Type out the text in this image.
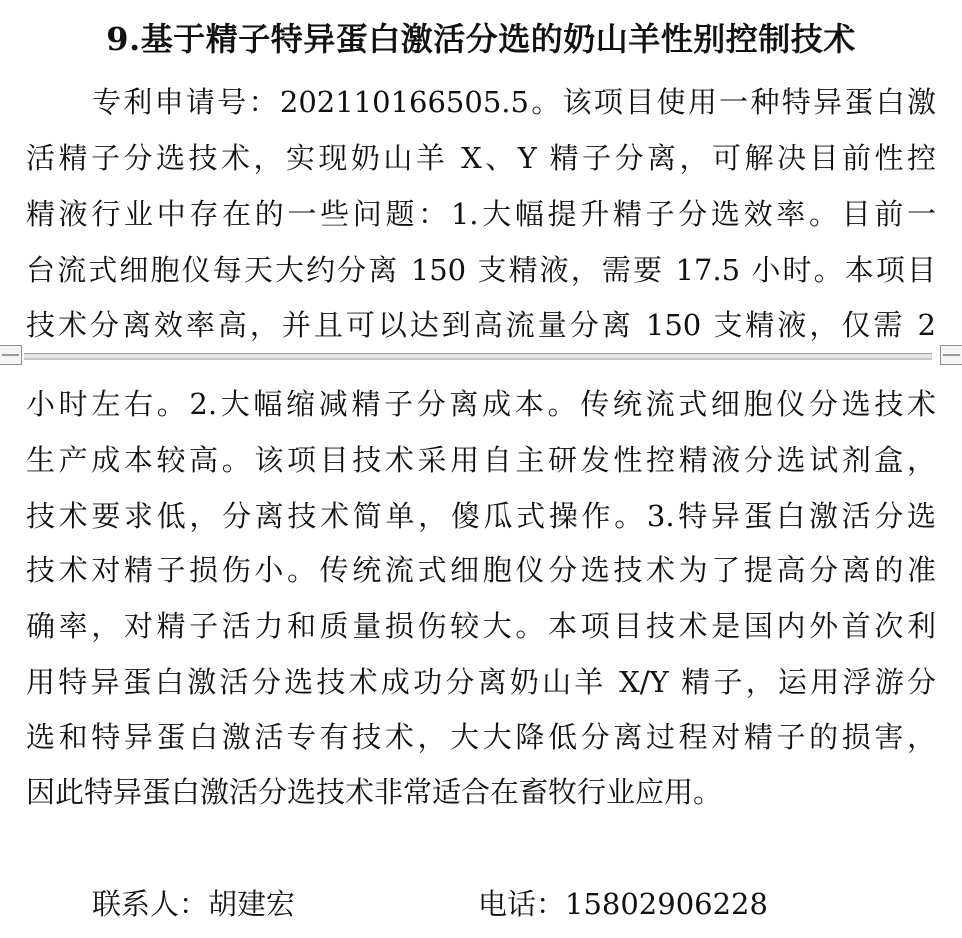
9.基于精子特异蛋白激活分选的奶山羊性别控制技术
专利申请号：202110166505.5。该项目使用一种特异蛋白激
活精子分选技术，实现奶山羊 X、Y 精子分离，可解决目前性控
精液行业中存在的一些问题：1.大幅提升精子分选效率。目前一
台流式细胞仪每天大约分离 150 支精液，需要 17.5 小时。本项目
技术分离效率高，并且可以达到高流量分离 150 支精液，仅需 2
小时左右。2.大幅缩减精子分离成本。传统流式细胞仪分选技术
生产成本较高。该项目技术采用自主研发性控精液分选试剂盒，
技术要求低，分离技术简单，傻瓜式操作。3.特异蛋白激活分选
技术对精子损伤小。传统流式细胞仪分选技术为了提高分离的准
确率，对精子活力和质量损伤较大。本项目技术是国内外首次利
用特异蛋白激活分选技术成功分离奶山羊 X/Y 精子，运用浮游分
选和特异蛋白激活专有技术，大大降低分离过程对精子的损害，
因此特异蛋白激活分选技术非常适合在畜牧行业应用。
联系人：胡建宏	电话：15802906228
